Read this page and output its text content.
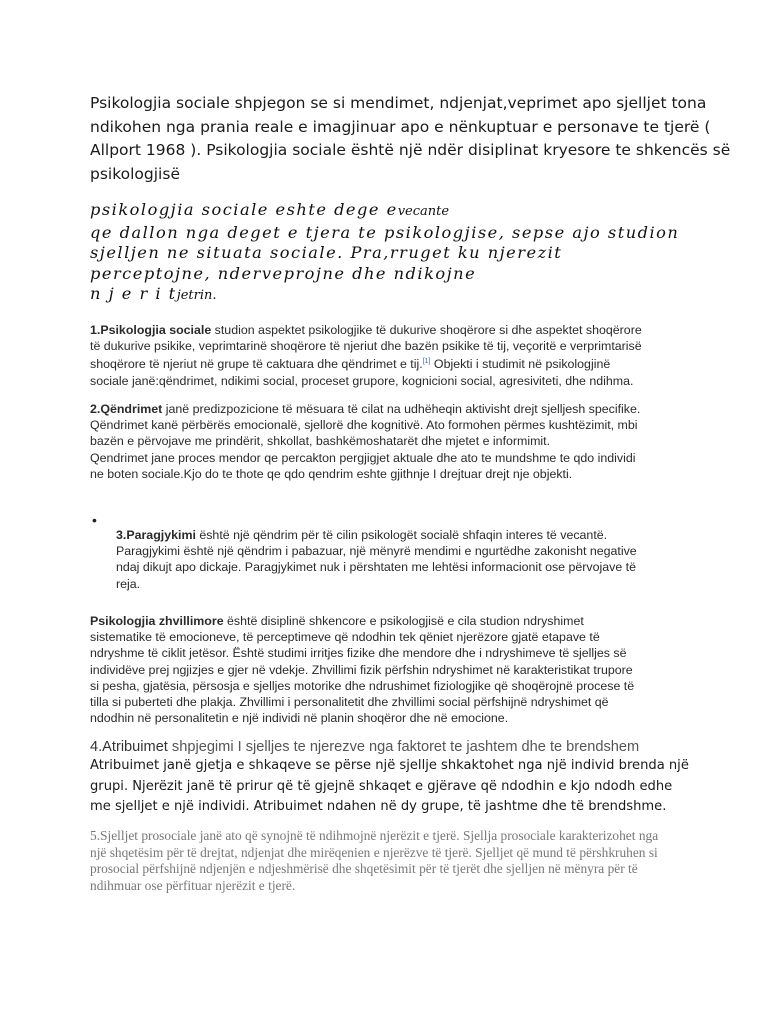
Psikologjia sociale shpjegon se si mendimet, ndjenjat,veprimet apo sjelljet tona
ndikohen nga prania reale e imagjinuar apo e nënkuptuar e personave te tjerë (
Allport 1968 ). Psikologjia sociale është një ndër disiplinat kryesore te shkencës së
psikologjisë
psikologjia sociale eshte dege evecante
qe dallon nga deget e tjera te psikologjise, sepse ajo studion
sjelljen ne situata sociale. Pra,rruget ku njerezit
perceptojne, nderveprojne dhe ndikojne
n j e r i tjetrin.
1.Psikologjia sociale studion aspektet psikologjike të dukurive shoqërore si dhe aspektet shoqërore
të dukurive psikike, veprimtarinë shoqërore të njeriut dhe bazën psikike të tij, veçoritë e verprimtarisë
shoqërore të njeriut në grupe të caktuara dhe qëndrimet e tij.[1] Objekti i studimit në psikologjinë
sociale janë:qëndrimet, ndikimi social, proceset grupore, kognicioni social, agresiviteti, dhe ndihma.
2.Qëndrimet janë predizpozicione të mësuara të cilat na udhëheqin aktivisht drejt sjelljesh specifike.
Qëndrimet kanë përbërës emocionalë, sjellorë dhe kognitivë. Ato formohen përmes kushtëzimit, mbi
bazën e përvojave me prindërit, shkollat, bashkëmoshatarët dhe mjetet e informimit.
Qendrimet jane proces mendor qe percakton pergjigjet aktuale dhe ato te mundshme te qdo individi
ne boten sociale.Kjo do te thote qe qdo qendrim eshte gjithnje I drejtuar drejt nje objekti.
•
3.Paragjykimi është një qëndrim për të cilin psikologët socialë shfaqin interes të vecantë.
Paragjykimi është një qëndrim i pabazuar, një mënyrë mendimi e ngurtëdhe zakonisht negative
ndaj dikujt apo dickaje. Paragjykimet nuk i përshtaten me lehtësi informacionit ose përvojave të
reja.
Psikologjia zhvillimore është disiplinë shkencore e psikologjisë e cila studion ndryshimet
sistematike të emocioneve, të perceptimeve që ndodhin tek qëniet njerëzore gjatë etapave të
ndryshme të ciklit jetësor. Është studimi irritjes fizike dhe mendore dhe i ndryshimeve të sjelljes së
individëve prej ngjizjes e gjer në vdekje. Zhvillimi fizik përfshin ndryshimet në karakteristikat trupore
si pesha, gjatësia, përsosja e sjelljes motorike dhe ndrushimet fiziologjike që shoqërojnë procese të
tilla si puberteti dhe plakja. Zhvillimi i personalitetit dhe zhvillimi social përfshijnë ndryshimet që
ndodhin në personalitetin e një individi në planin shoqëror dhe në emocione.
4.Atribuimet shpjegimi I sjelljes te njerezve nga faktoret te jashtem dhe te brendshem
Atribuimet janë gjetja e shkaqeve se përse një sjellje shkaktohet nga një individ brenda një
grupi. Njerëzit janë të prirur që të gjejnë shkaqet e gjërave që ndodhin e kjo ndodh edhe
me sjelljet e një individi. Atribuimet ndahen në dy grupe, të jashtme dhe të brendshme.
5.Sjelljet prosociale janë ato që synojnë të ndihmojnë njerëzit e tjerë. Sjellja prosociale karakterizohet nga
një shqetësim për të drejtat, ndjenjat dhe mirëqenien e njerëzve të tjerë. Sjelljet që mund të përshkruhen si
prosocial përfshijnë ndjenjën e ndjeshmërisë dhe shqetësimit për të tjerët dhe sjelljen në mënyra për të
ndihmuar ose përfituar njerëzit e tjerë.
